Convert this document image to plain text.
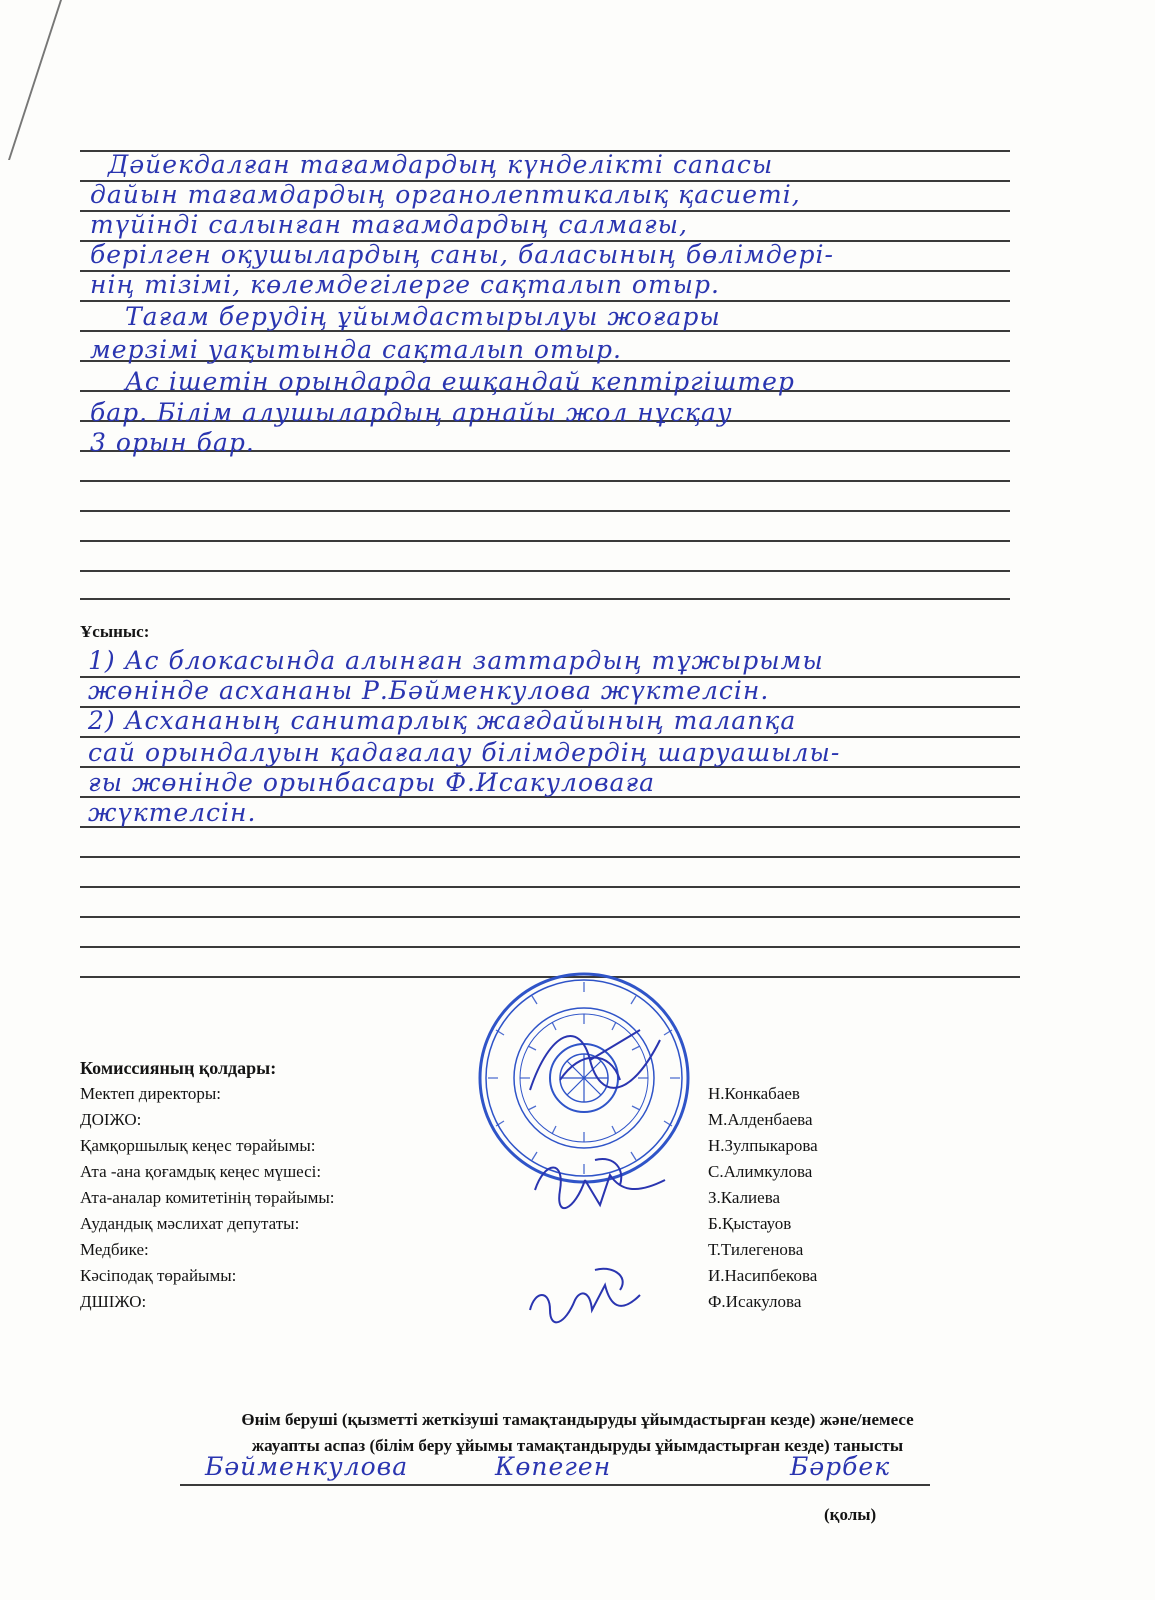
Дәйекдалған тағамдардың күнделікті сапасы
дайын тағамдардың органолептикалық қасиеті,
түйінді салынған тағамдардың салмағы,
берілген оқушылардың саны, баласының бөлімдері-
нің тізімі, көлемдегілерге сақталып отыр.
Тағам берудің ұйымдастырылуы жоғары
мерзімі уақытында сақталып отыр.
Ас ішетін орындарда ешқандай кептіргіштер
бар. Білім алушылардың арнайы жол нұсқау
3 орын бар.
Ұсыныс:
1) Ас блокасында алынған заттардың тұжырымы
жөнінде асхананы Р.Бәйменкулова жүктелсін.
2) Асхананың санитарлық жағдайының талапқа
сай орындалуын қадағалау білімдердің шаруашылы-
ғы жөнінде орынбасары Ф.Исакуловаға
жүктелсін.
Комиссияның қолдары:
Мектеп директоры:	Н.Конкабаев
ДОІЖО:	М.Алденбаева
Қамқоршылық кеңес төрайымы:	Н.Зулпыкарова
Ата -ана қоғамдық кеңес мүшесі:	С.Алимкулова
Ата-аналар комитетінің төрайымы:	З.Калиева
Аудандық мәслихат депутаты:	Б.Қыстауов
Медбике:	Т.Тилегенова
Кәсіподақ төрайымы:	И.Насипбекова
ДШІЖО:	Ф.Исакулова
Өнім беруші (қызметті жеткізуші тамақтандыруды ұйымдастырған кезде) және/немесе
жауапты аспаз (білім беру ұйымы тамақтандыруды ұйымдастырған кезде) танысты
Бәйменкулова	Көпеген	Бәрбек
(қолы)
